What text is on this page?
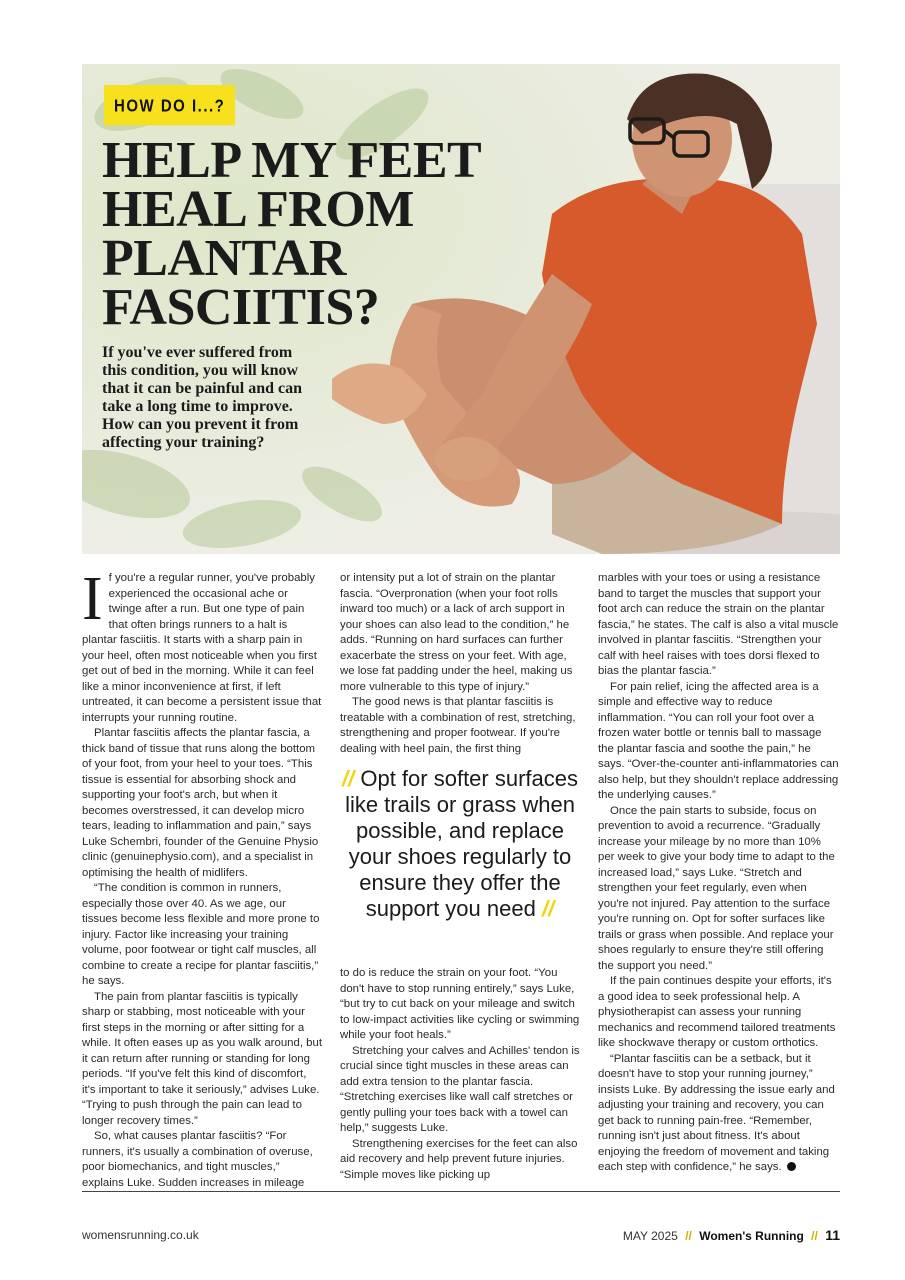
HOW DO I...?
HELP MY FEET
HEAL FROM
PLANTAR
FASCIITIS?

If you've ever suffered from this condition, you will know that it can be painful and can take a long time to improve. How can you prevent it from affecting your training?

If you're a regular runner, you've probably experienced the occasional ache or twinge after a run. But one type of pain that often brings runners to a halt is plantar fasciitis. It starts with a sharp pain in your heel, often most noticeable when you first get out of bed in the morning. While it can feel like a minor inconvenience at first, if left untreated, it can become a persistent issue that interrupts your running routine.

Plantar fasciitis affects the plantar fascia, a thick band of tissue that runs along the bottom of your foot, from your heel to your toes. “This tissue is essential for absorbing shock and supporting your foot's arch, but when it becomes overstressed, it can develop micro tears, leading to inflammation and pain,” says Luke Schembri, founder of the Genuine Physio clinic (genuinephysio.com), and a specialist in optimising the health of midlifers.

“The condition is common in runners, especially those over 40. As we age, our tissues become less flexible and more prone to injury. Factor like increasing your training volume, poor footwear or tight calf muscles, all combine to create a recipe for plantar fasciitis,” he says.

The pain from plantar fasciitis is typically sharp or stabbing, most noticeable with your first steps in the morning or after sitting for a while. It often eases up as you walk around, but it can return after running or standing for long periods. “If you've felt this kind of discomfort, it's important to take it seriously,” advises Luke. “Trying to push through the pain can lead to longer recovery times.”

So, what causes plantar fasciitis? “For runners, it's usually a combination of overuse, poor biomechanics, and tight muscles,” explains Luke. Sudden increases in mileage

or intensity put a lot of strain on the plantar fascia. “Overpronation (when your foot rolls inward too much) or a lack of arch support in your shoes can also lead to the condition,” he adds. “Running on hard surfaces can further exacerbate the stress on your feet. With age, we lose fat padding under the heel, making us more vulnerable to this type of injury.”

The good news is that plantar fasciitis is treatable with a combination of rest, stretching, strengthening and proper footwear. If you're dealing with heel pain, the first thing

// Opt for softer surfaces like trails or grass when possible, and replace your shoes regularly to ensure they offer the support you need //

to do is reduce the strain on your foot. “You don't have to stop running entirely,” says Luke, “but try to cut back on your mileage and switch to low-impact activities like cycling or swimming while your foot heals.”

Stretching your calves and Achilles' tendon is crucial since tight muscles in these areas can add extra tension to the plantar fascia. “Stretching exercises like wall calf stretches or gently pulling your toes back with a towel can help,” suggests Luke.

Strengthening exercises for the feet can also aid recovery and help prevent future injuries. “Simple moves like picking up

marbles with your toes or using a resistance band to target the muscles that support your foot arch can reduce the strain on the plantar fascia,” he states. The calf is also a vital muscle involved in plantar fasciitis. “Strengthen your calf with heel raises with toes dorsi flexed to bias the plantar fascia.”

For pain relief, icing the affected area is a simple and effective way to reduce inflammation. “You can roll your foot over a frozen water bottle or tennis ball to massage the plantar fascia and soothe the pain,” he says. “Over-the-counter anti-inflammatories can also help, but they shouldn't replace addressing the underlying causes.”

Once the pain starts to subside, focus on prevention to avoid a recurrence. “Gradually increase your mileage by no more than 10% per week to give your body time to adapt to the increased load,” says Luke. “Stretch and strengthen your feet regularly, even when you're not injured. Pay attention to the surface you're running on. Opt for softer surfaces like trails or grass when possible. And replace your shoes regularly to ensure they're still offering the support you need.”

If the pain continues despite your efforts, it's a good idea to seek professional help. A physiotherapist can assess your running mechanics and recommend tailored treatments like shockwave therapy or custom orthotics.

“Plantar fasciitis can be a setback, but it doesn't have to stop your running journey,” insists Luke. By addressing the issue early and adjusting your training and recovery, you can get back to running pain-free. “Remember, running isn't just about fitness. It's about enjoying the freedom of movement and taking each step with confidence,” he says.

womensrunning.co.uk	MAY 2025 // Women's Running // 11
